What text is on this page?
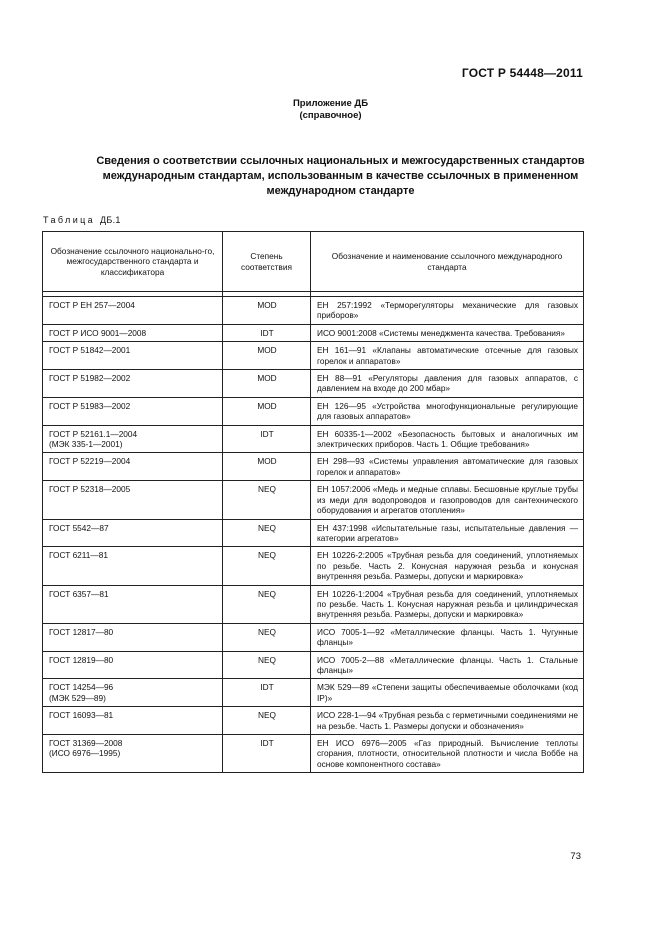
ГОСТ Р 54448—2011
Приложение ДБ
(справочное)
Сведения о соответствии ссылочных национальных и межгосударственных стандартов
международным стандартам, использованным в качестве ссылочных в примененном
международном стандарте
Таблица ДБ.1
Обозначение ссылочного национально-го, межгосударственного стандарта и классификатора	Степень соответствия	Обозначение и наименование ссылочного международного стандарта

ГОСТ Р ЕН 257—2004	MOD	ЕН 257:1992 «Терморегуляторы механические для газовых приборов»
ГОСТ Р ИСО 9001—2008	IDT	ИСО 9001:2008 «Системы менеджмента качества. Требования»
ГОСТ Р 51842—2001	MOD	ЕН 161—91 «Клапаны автоматические отсечные для газовых горелок и аппаратов»
ГОСТ Р 51982—2002	MOD	ЕН 88—91 «Регуляторы давления для газовых аппаратов, с давлением на входе до 200 мбар»
ГОСТ Р 51983—2002	MOD	ЕН 126—95 «Устройства многофункциональные регулирующие для газовых аппаратов»
ГОСТ Р 52161.1—2004
(МЭК 335-1—2001)	IDT	ЕН 60335-1—2002 «Безопасность бытовых и аналогичных им электрических приборов. Часть 1. Общие требования»
ГОСТ Р 52219—2004	MOD	ЕН 298—93 «Системы управления автоматические для газовых горелок и аппаратов»
ГОСТ Р 52318—2005	NEQ	ЕН 1057:2006 «Медь и медные сплавы. Бесшовные круглые трубы из меди для водопроводов и газопроводов для сантехнического оборудования и агрегатов отопления»
ГОСТ 5542—87	NEQ	ЕН 437:1998 «Испытательные газы, испытательные давления — категории агрегатов»
ГОСТ 6211—81	NEQ	ЕН 10226-2:2005 «Трубная резьба для соединений, уплотняемых по резьбе. Часть 2. Конусная наружная резьба и конусная внутренняя резьба. Размеры, допуски и маркировка»
ГОСТ 6357—81	NEQ	ЕН 10226-1:2004 «Трубная резьба для соединений, уплотняемых по резьбе. Часть 1. Конусная наружная резьба и цилиндрическая внутренняя резьба. Размеры, допуски и маркировка»
ГОСТ 12817—80	NEQ	ИСО 7005-1—92 «Металлические фланцы. Часть 1. Чугунные фланцы»
ГОСТ 12819—80	NEQ	ИСО 7005-2—88 «Металлические фланцы. Часть 1. Стальные фланцы»
ГОСТ 14254—96
(МЭК 529—89)	IDT	МЭК 529—89 «Степени защиты обеспечиваемые оболочками (код IP)»
ГОСТ 16093—81	NEQ	ИСО 228-1—94 «Трубная резьба с герметичными соединениями не на резьбе. Часть 1. Размеры допуски и обозначения»
ГОСТ 31369—2008
(ИСО 6976—1995)	IDT	ЕН ИСО 6976—2005 «Газ природный. Вычисление теплоты сгорания, плотности, относительной плотности и числа Воббе на основе компонентного состава»
73
